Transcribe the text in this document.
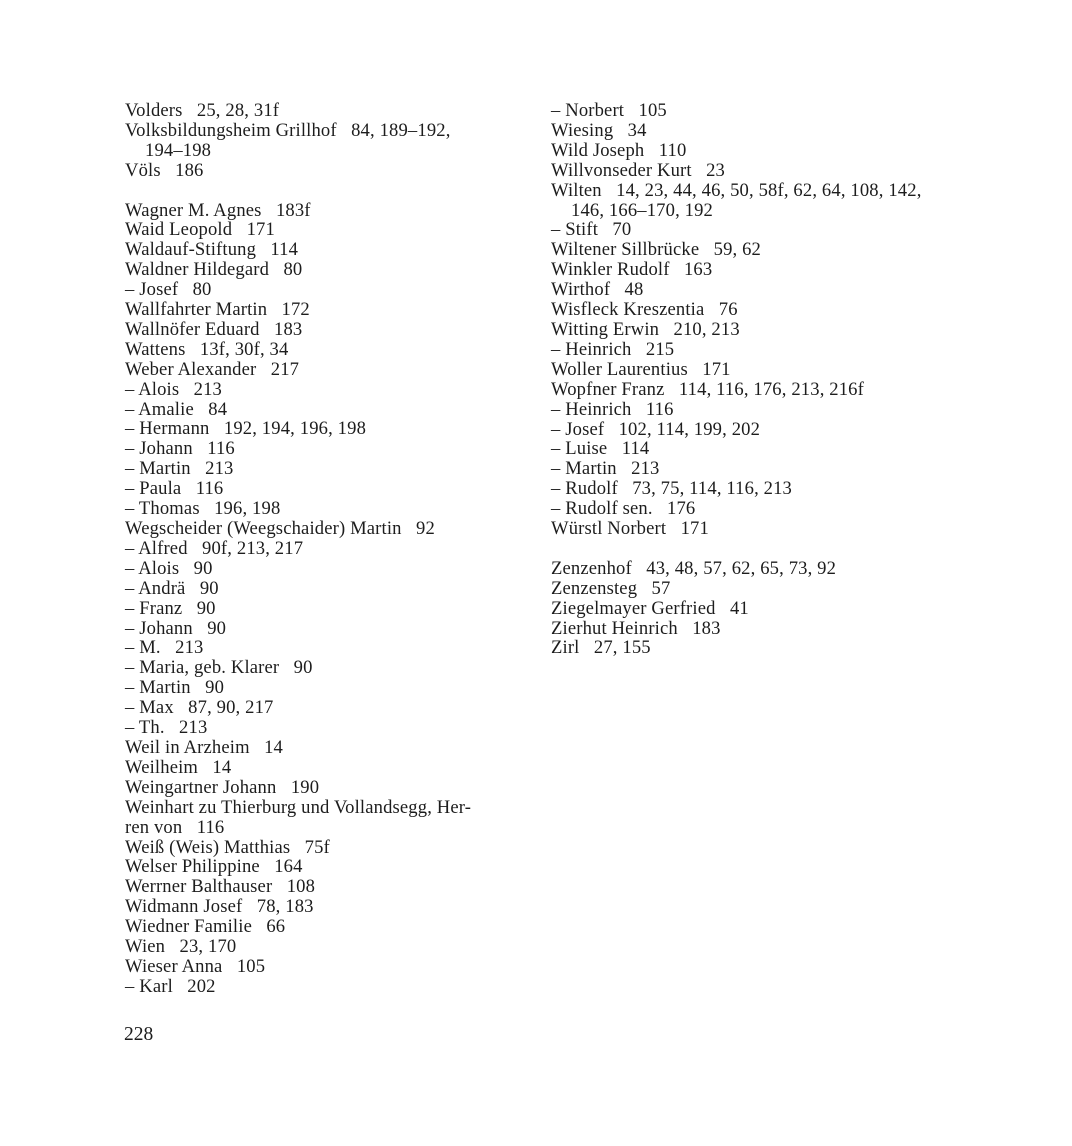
Volders   25, 28, 31f
Volksbildungsheim Grillhof   84, 189–192,
194–198
Völs   186
Wagner M. Agnes   183f
Waid Leopold   171
Waldauf-Stiftung   114
Waldner Hildegard   80
– Josef   80
Wallfahrter Martin   172
Wallnöfer Eduard   183
Wattens   13f, 30f, 34
Weber Alexander   217
– Alois   213
– Amalie   84
– Hermann   192, 194, 196, 198
– Johann   116
– Martin   213
– Paula   116
– Thomas   196, 198
Wegscheider (Weegschaider) Martin   92
– Alfred   90f, 213, 217
– Alois   90
– Andrä   90
– Franz   90
– Johann   90
– M.   213
– Maria, geb. Klarer   90
– Martin   90
– Max   87, 90, 217
– Th.   213
Weil in Arzheim   14
Weilheim   14
Weingartner Johann   190
Weinhart zu Thierburg und Vollandsegg, Her-
ren von   116
Weiß (Weis) Matthias   75f
Welser Philippine   164
Werrner Balthauser   108
Widmann Josef   78, 183
Wiedner Familie   66
Wien   23, 170
Wieser Anna   105
– Karl   202
– Norbert   105
Wiesing   34
Wild Joseph   110
Willvonseder Kurt   23
Wilten   14, 23, 44, 46, 50, 58f, 62, 64, 108, 142,
146, 166–170, 192
– Stift   70
Wiltener Sillbrücke   59, 62
Winkler Rudolf   163
Wirthof   48
Wisfleck Kreszentia   76
Witting Erwin   210, 213
– Heinrich   215
Woller Laurentius   171
Wopfner Franz   114, 116, 176, 213, 216f
– Heinrich   116
– Josef   102, 114, 199, 202
– Luise   114
– Martin   213
– Rudolf   73, 75, 114, 116, 213
– Rudolf sen.   176
Würstl Norbert   171
Zenzenhof   43, 48, 57, 62, 65, 73, 92
Zenzensteg   57
Ziegelmayer Gerfried   41
Zierhut Heinrich   183
Zirl   27, 155
228
